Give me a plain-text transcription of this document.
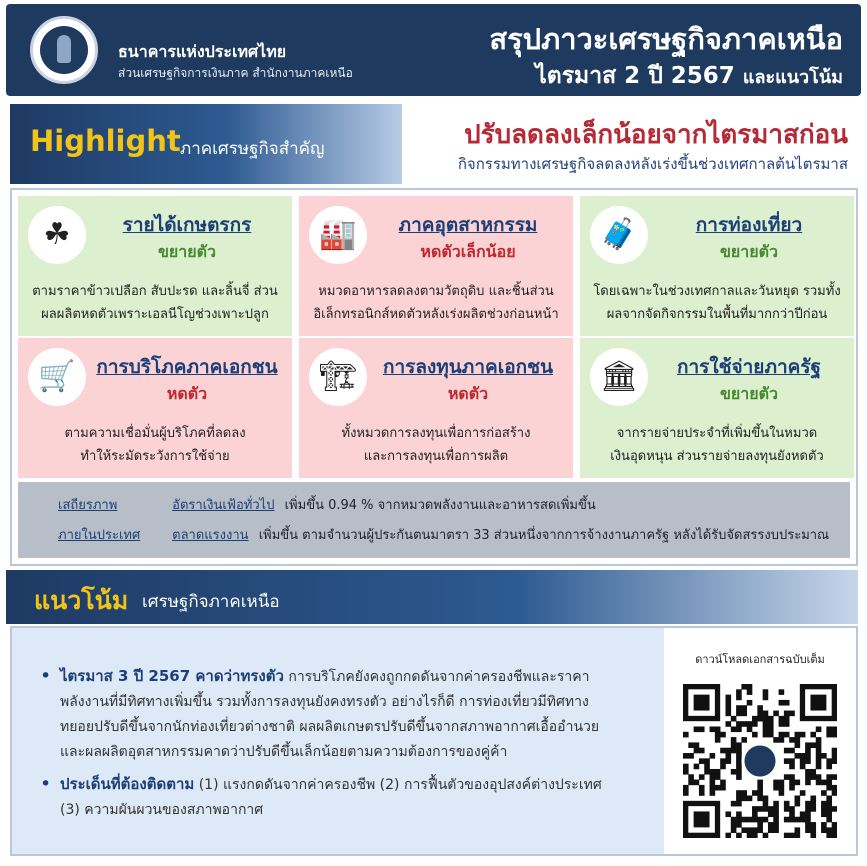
ธนาคารแห่งประเทศไทย
ส่วนเศรษฐกิจการเงินภาค สำนักงานภาคเหนือ
สรุปภาวะเศรษฐกิจภาคเหนือ
ไตรมาส 2 ปี 2567 และแนวโน้ม
Highlight ภาคเศรษฐกิจสำคัญ	ปรับลดลงเล็กน้อยจากไตรมาสก่อน
กิจกรรมทางเศรษฐกิจลดลงหลังเร่งขึ้นช่วงเทศกาลต้นไตรมาส
☘	รายได้เกษตรกร
ขยายตัว
ตามราคาข้าวเปลือก สับปะรด และลิ้นจี่ ส่วน
ผลผลิตหดตัวเพราะเอลนีโญช่วงเพาะปลูก
🏭	ภาคอุตสาหกรรม
หดตัวเล็กน้อย
หมวดอาหารลดลงตามวัตถุดิบ และชิ้นส่วน
อิเล็กทรอนิกส์หดตัวหลังเร่งผลิตช่วงก่อนหน้า
🧳	การท่องเที่ยว
ขยายตัว
โดยเฉพาะในช่วงเทศกาลและวันหยุด รวมทั้ง
ผลจากจัดกิจกรรมในพื้นที่มากกว่าปีก่อน
🛒	การบริโภคภาคเอกชน
หดตัว
ตามความเชื่อมั่นผู้บริโภคที่ลดลง
ทำให้ระมัดระวังการใช้จ่าย
🏗	การลงทุนภาคเอกชน
หดตัว
ทั้งหมวดการลงทุนเพื่อการก่อสร้าง
และการลงทุนเพื่อการผลิต
🏛	การใช้จ่ายภาครัฐ
ขยายตัว
จากรายจ่ายประจำที่เพิ่มขึ้นในหมวด
เงินอุดหนุน ส่วนรายจ่ายลงทุนยังหดตัว
เสถียรภาพ	อัตราเงินเฟ้อทั่วไป เพิ่มขึ้น 0.94 % จากหมวดพลังงานและอาหารสดเพิ่มขึ้น
ภายในประเทศ ตลาดแรงงาน เพิ่มขึ้น ตามจำนวนผู้ประกันตนมาตรา 33 ส่วนหนึ่งจากการจ้างงานภาครัฐ หลังได้รับจัดสรรงบประมาณ
แนวโน้ม เศรษฐกิจภาคเหนือ
• ไตรมาส 3 ปี 2567 คาดว่าทรงตัว การบริโภคยังคงถูกกดดันจากค่าครองชีพและราคา
พลังงานที่มีทิศทางเพิ่มขึ้น รวมทั้งการลงทุนยังคงทรงตัว อย่างไรก็ดี การท่องเที่ยวมีทิศทาง
ทยอยปรับดีขึ้นจากนักท่องเที่ยวต่างชาติ ผลผลิตเกษตรปรับดีขึ้นจากสภาพอากาศเอื้ออำนวย
และผลผลิตอุตสาหกรรมคาดว่าปรับดีขึ้นเล็กน้อยตามความต้องการของคู่ค้า
• ประเด็นที่ต้องติดตาม (1) แรงกดดันจากค่าครองชีพ (2) การฟื้นตัวของอุปสงค์ต่างประเทศ
(3) ความผันผวนของสภาพอากาศ
ดาวน์โหลดเอกสารฉบับเต็ม
